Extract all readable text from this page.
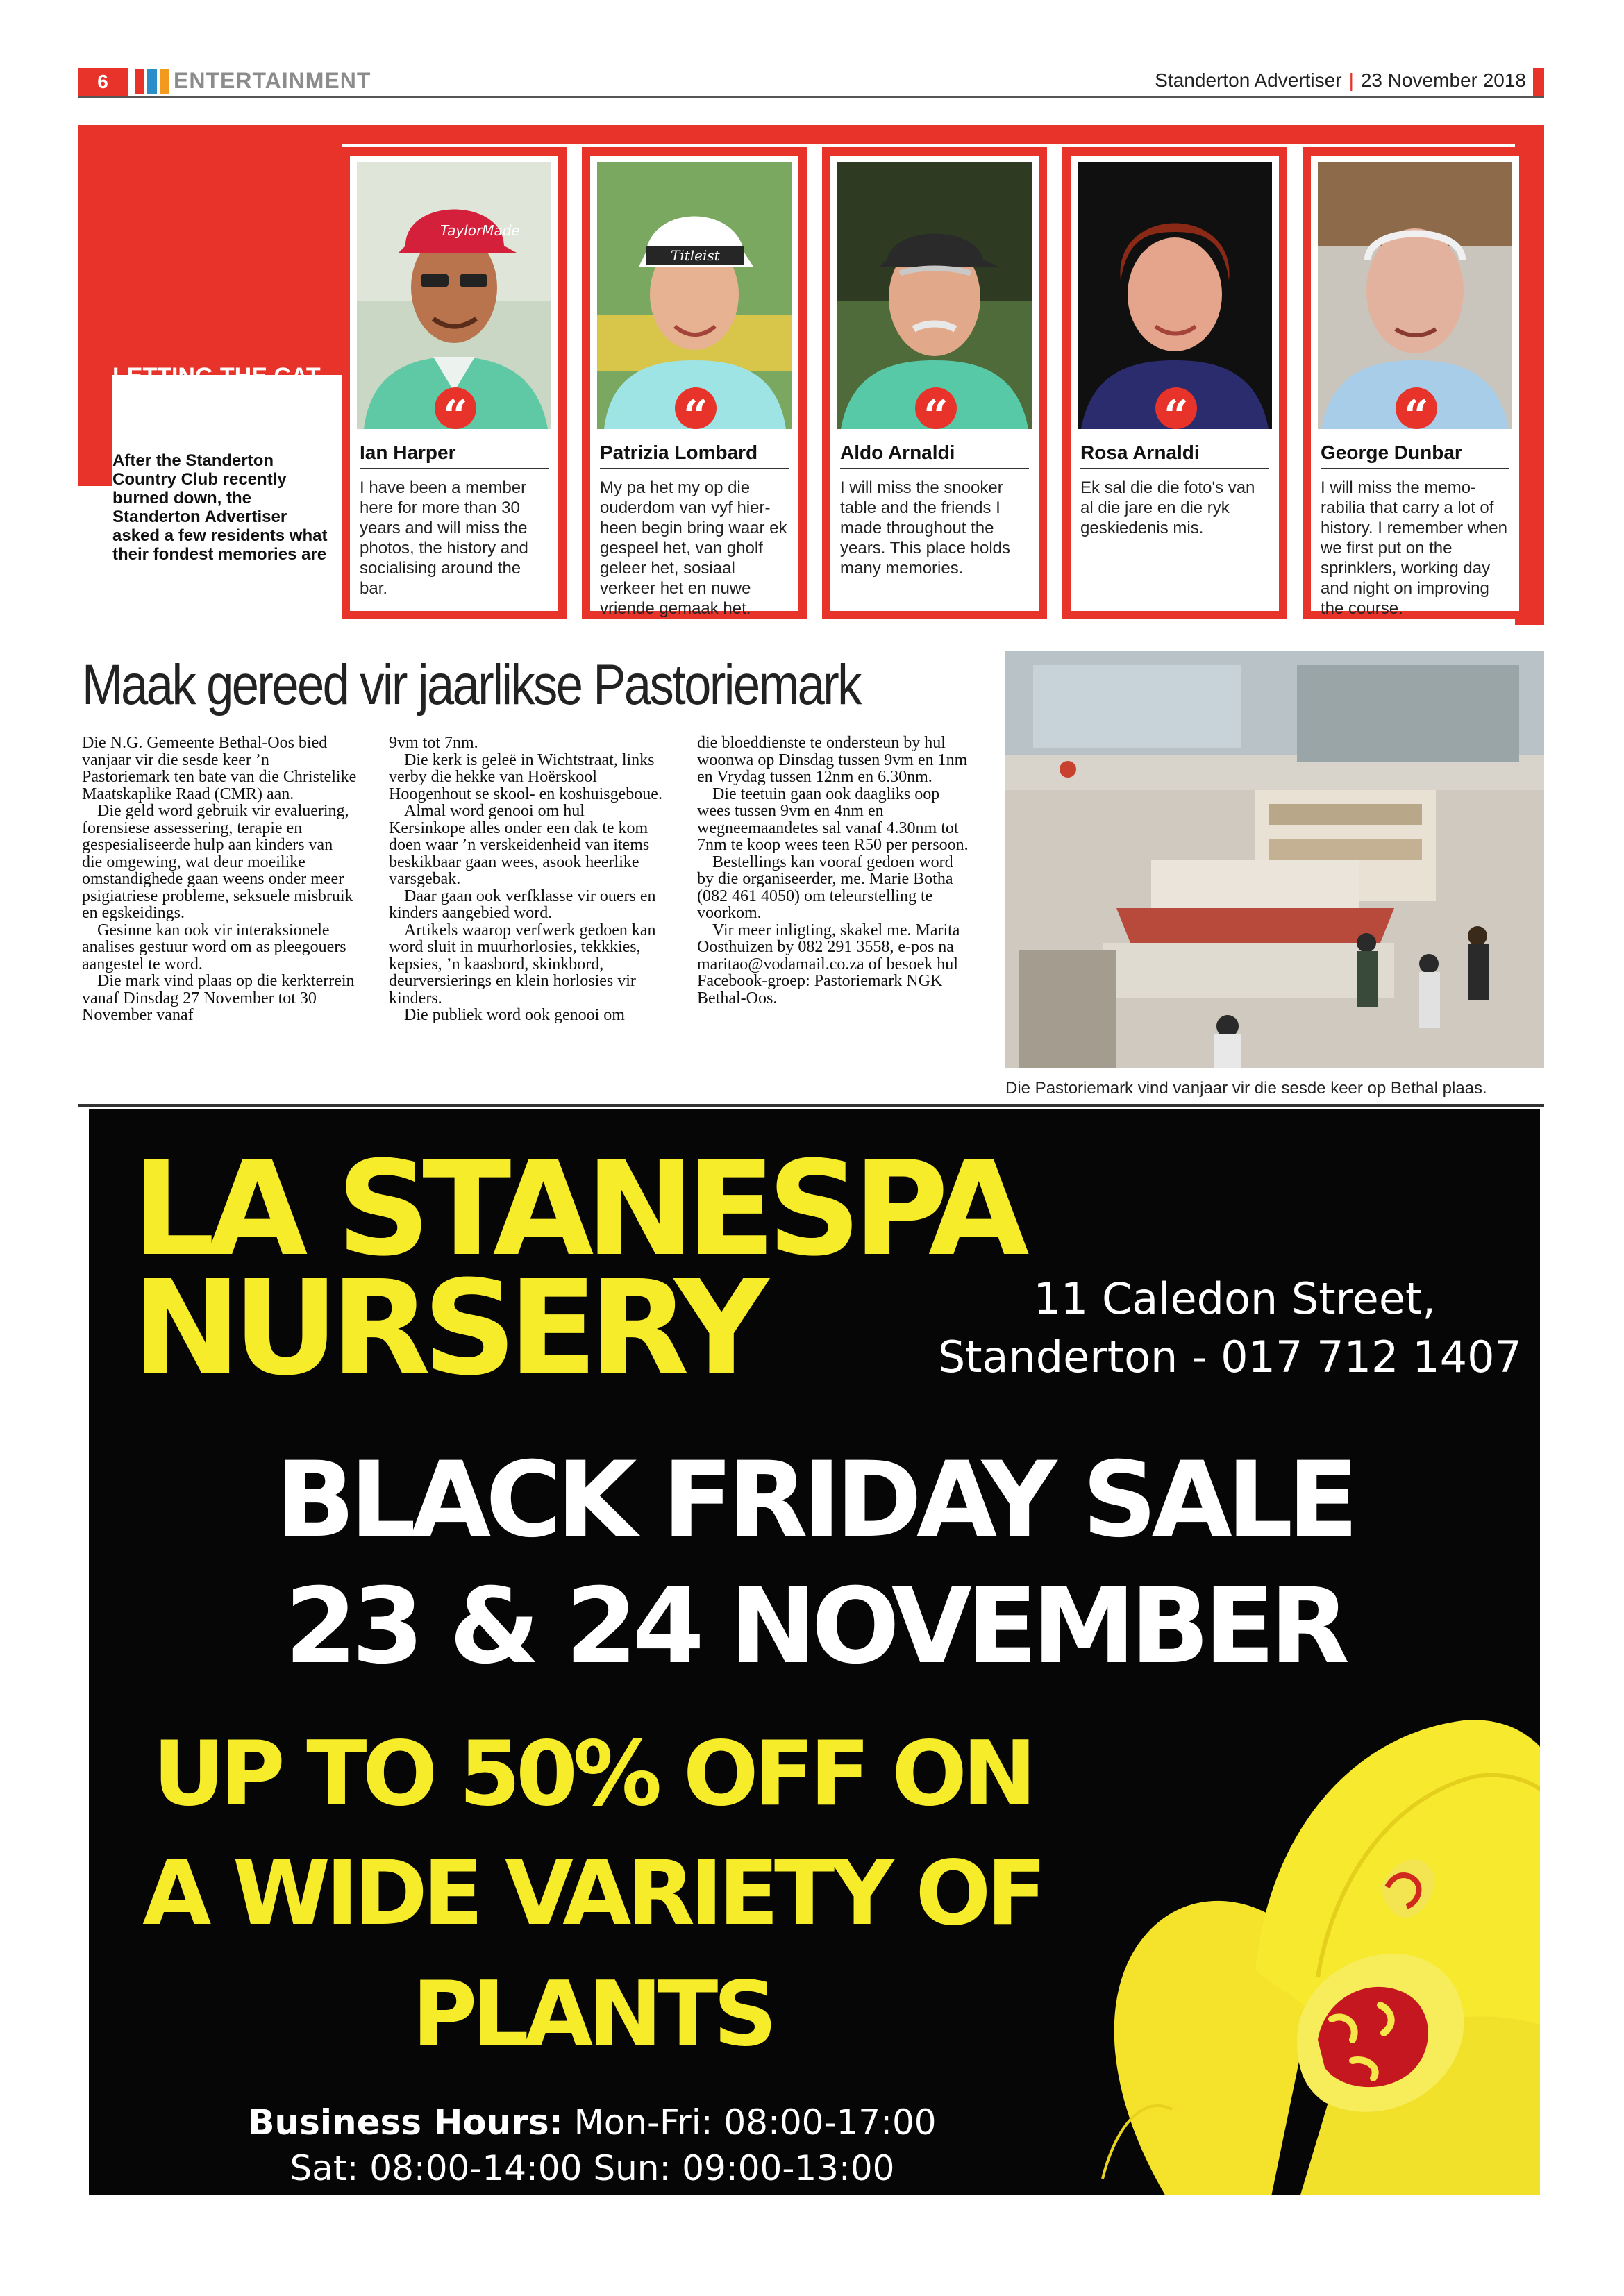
6	ENTERTAINMENT	Standerton Advertiser | 23 November 2018
LETTING THE CAT OUT OF THE BAG
After the Standerton Country Club recently burned down, the Standerton Advertiser asked a few residents what their fondest memories are
TaylorMade
“
Ian Harper
I have been a member here for more than 30 years and will miss the photos, the history and socialising around the bar.
Titleist
“
Patrizia Lombard
My pa het my op die ouderdom van vyf hier- heen begin bring waar ek gespeel het, van gholf geleer het, sosiaal verkeer het en nuwe vriende gemaak het.
“
Aldo Arnaldi
I will miss the snooker table and the friends I made throughout the years. This place holds many memories.
“
Rosa Arnaldi
Ek sal die die foto's van al die jare en die ryk geskiedenis mis.
“
George Dunbar
I will miss the memo- rabilia that carry a lot of history. I remember when we first put on the sprinklers, working day and night on improving the course.
Maak gereed vir jaarlikse Pastoriemark

Die N.G. Gemeente Bethal-Oos bied vanjaar vir die sesde keer ’n Pastoriemark ten bate van die Christelike Maatskaplike Raad (CMR) aan.

Die geld word gebruik vir evaluering, forensiese assessering, terapie en gespesialiseerde hulp aan kinders van die omgewing, wat deur moeilike omstandighede gaan weens onder meer psigiatriese probleme, seksuele misbruik en egskeidings.

Gesinne kan ook vir interaksionele analises gestuur word om as pleegouers aangestel te word.

Die mark vind plaas op die kerkterrein vanaf Dinsdag 27 November tot 30 November vanaf

9vm tot 7nm.

Die kerk is geleë in Wichtstraat, links verby die hekke van Hoërskool Hoogenhout se skool- en koshuisgeboue.

Almal word genooi om hul Kersinkope alles onder een dak te kom doen waar ’n verskeidenheid van items beskikbaar gaan wees, asook heerlike varsgebak.

Daar gaan ook verfklasse vir ouers en kinders aangebied word.

Artikels waarop verfwerk gedoen kan word sluit in muurhorlosies, tekkkies, kepsies, ’n kaasbord, skinkbord, deurversierings en klein horlosies vir kinders.

Die publiek word ook genooi om

die bloeddienste te ondersteun by hul woonwa op Dinsdag tussen 9vm en 1nm en Vrydag tussen 12nm en 6.30nm.

Die teetuin gaan ook daagliks oop wees tussen 9vm en 4nm en wegneemaandetes sal vanaf 4.30nm tot 7nm te koop wees teen R50 per persoon.

Bestellings kan vooraf gedoen word by die organiseerder, me. Marie Botha (082 461 4050) om teleurstelling te voorkom.

Vir meer inligting, skakel me. Marita Oosthuizen by 082 291 3558, e-pos na maritao@vodamail.co.za of besoek hul Facebook-groep: Pastoriemark NGK Bethal-Oos.

Die Pastoriemark vind vanjaar vir die sesde keer op Bethal plaas.
LA STANESPA
NURSERY	11 Caledon Street,
Standerton - 017 712 1407
BLACK FRIDAY SALE
23 & 24 NOVEMBER
UP TO 50% OFF ON
A WIDE VARIETY OF
PLANTS
Business Hours: Mon-Fri: 08:00-17:00
Sat: 08:00-14:00 Sun: 09:00-13:00
